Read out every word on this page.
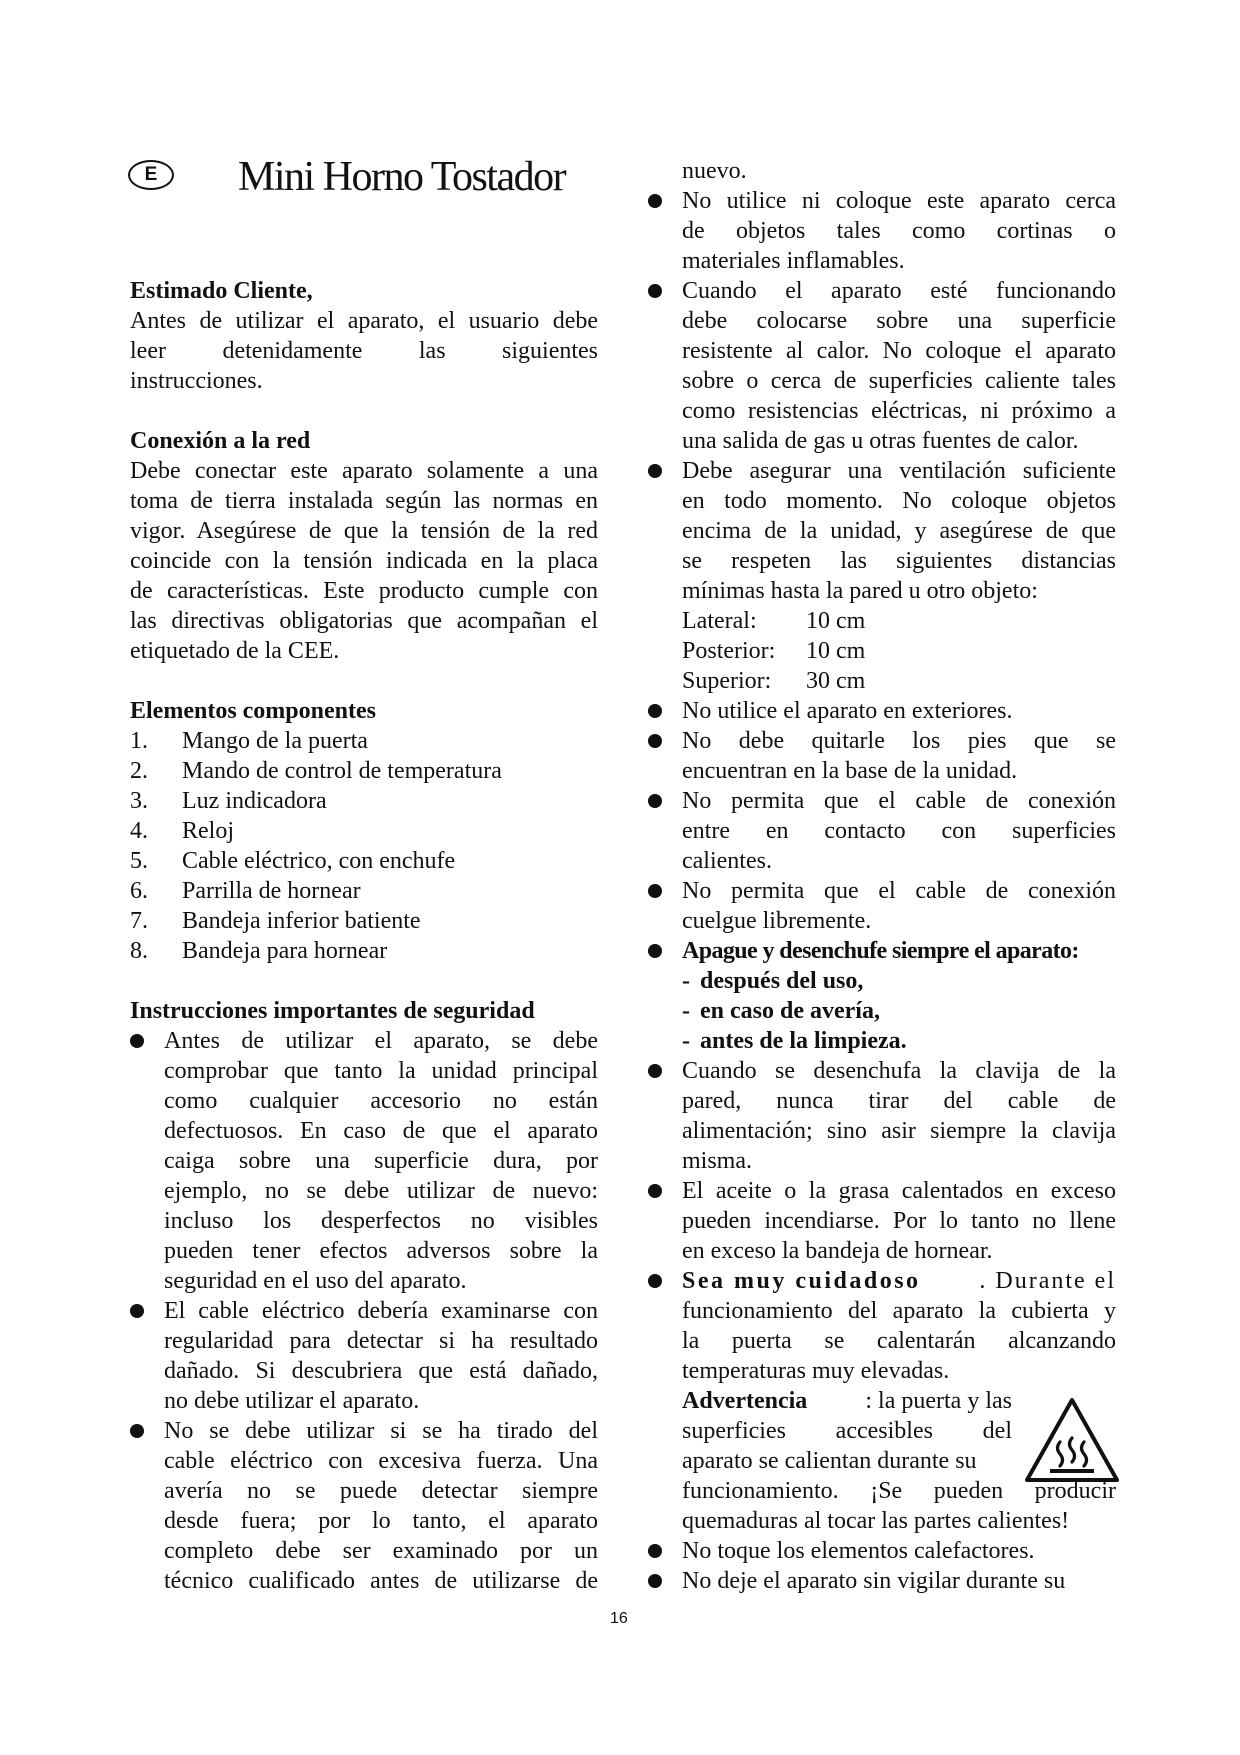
E	Mini Horno Tostador
Estimado Cliente,
Antes de utilizar el aparato, el usuario debe
leer detenidamente las siguientes
instrucciones.
Conexión a la red
Debe conectar este aparato solamente a una
toma de tierra instalada según las normas en
vigor. Asegúrese de que la tensión de la red
coincide con la tensión indicada en la placa
de características. Este producto cumple con
las directivas obligatorias que acompañan el
etiquetado de la CEE.
Elementos componentes
1. Mango de la puerta
2. Mando de control de temperatura
3. Luz indicadora
4. Reloj
5. Cable eléctrico, con enchufe
6. Parrilla de hornear
7. Bandeja inferior batiente
8. Bandeja para hornear
Instrucciones importantes de seguridad
Antes de utilizar el aparato, se debe
comprobar que tanto la unidad principal
como cualquier accesorio no están
defectuosos. En caso de que el aparato
caiga sobre una superficie dura, por
ejemplo, no se debe utilizar de nuevo:
incluso los desperfectos no visibles
pueden tener efectos adversos sobre la
seguridad en el uso del aparato.
El cable eléctrico debería examinarse con
regularidad para detectar si ha resultado
dañado. Si descubriera que está dañado,
no debe utilizar el aparato.
No se debe utilizar si se ha tirado del
cable eléctrico con excesiva fuerza. Una
avería no se puede detectar siempre
desde fuera; por lo tanto, el aparato
completo debe ser examinado por un
técnico cualificado antes de utilizarse de
nuevo.
No utilice ni coloque este aparato cerca
de objetos tales como cortinas o
materiales inflamables.
Cuando el aparato esté funcionando
debe colocarse sobre una superficie
resistente al calor. No coloque el aparato
sobre o cerca de superficies caliente tales
como resistencias eléctricas, ni próximo a
una salida de gas u otras fuentes de calor.
Debe asegurar una ventilación suficiente
en todo momento. No coloque objetos
encima de la unidad, y asegúrese de que
se respeten las siguientes distancias
mínimas hasta la pared u otro objeto:
Lateral: 10 cm
Posterior: 10 cm
Superior: 30 cm
No utilice el aparato en exteriores.
No debe quitarle los pies que se
encuentran en la base de la unidad.
No permita que el cable de conexión
entre en contacto con superficies
calientes.
No permita que el cable de conexión
cuelgue libremente.
Apague y desenchufe siempre el aparato:
- después del uso,
- en caso de avería,
- antes de la limpieza.
Cuando se desenchufa la clavija de la
pared, nunca tirar del cable de
alimentación; sino asir siempre la clavija
misma.
El aceite o la grasa calentados en exceso
pueden incendiarse. Por lo tanto no llene
en exceso la bandeja de hornear.
Sea muy cuidadoso . Durante el
funcionamiento del aparato la cubierta y
la puerta se calentarán alcanzando
temperaturas muy elevadas.
Advertencia : la puerta y las
superficies accesibles del
aparato se calientan durante su
funcionamiento. ¡Se pueden producir
quemaduras al tocar las partes calientes!
No toque los elementos calefactores.
No deje el aparato sin vigilar durante su
16
